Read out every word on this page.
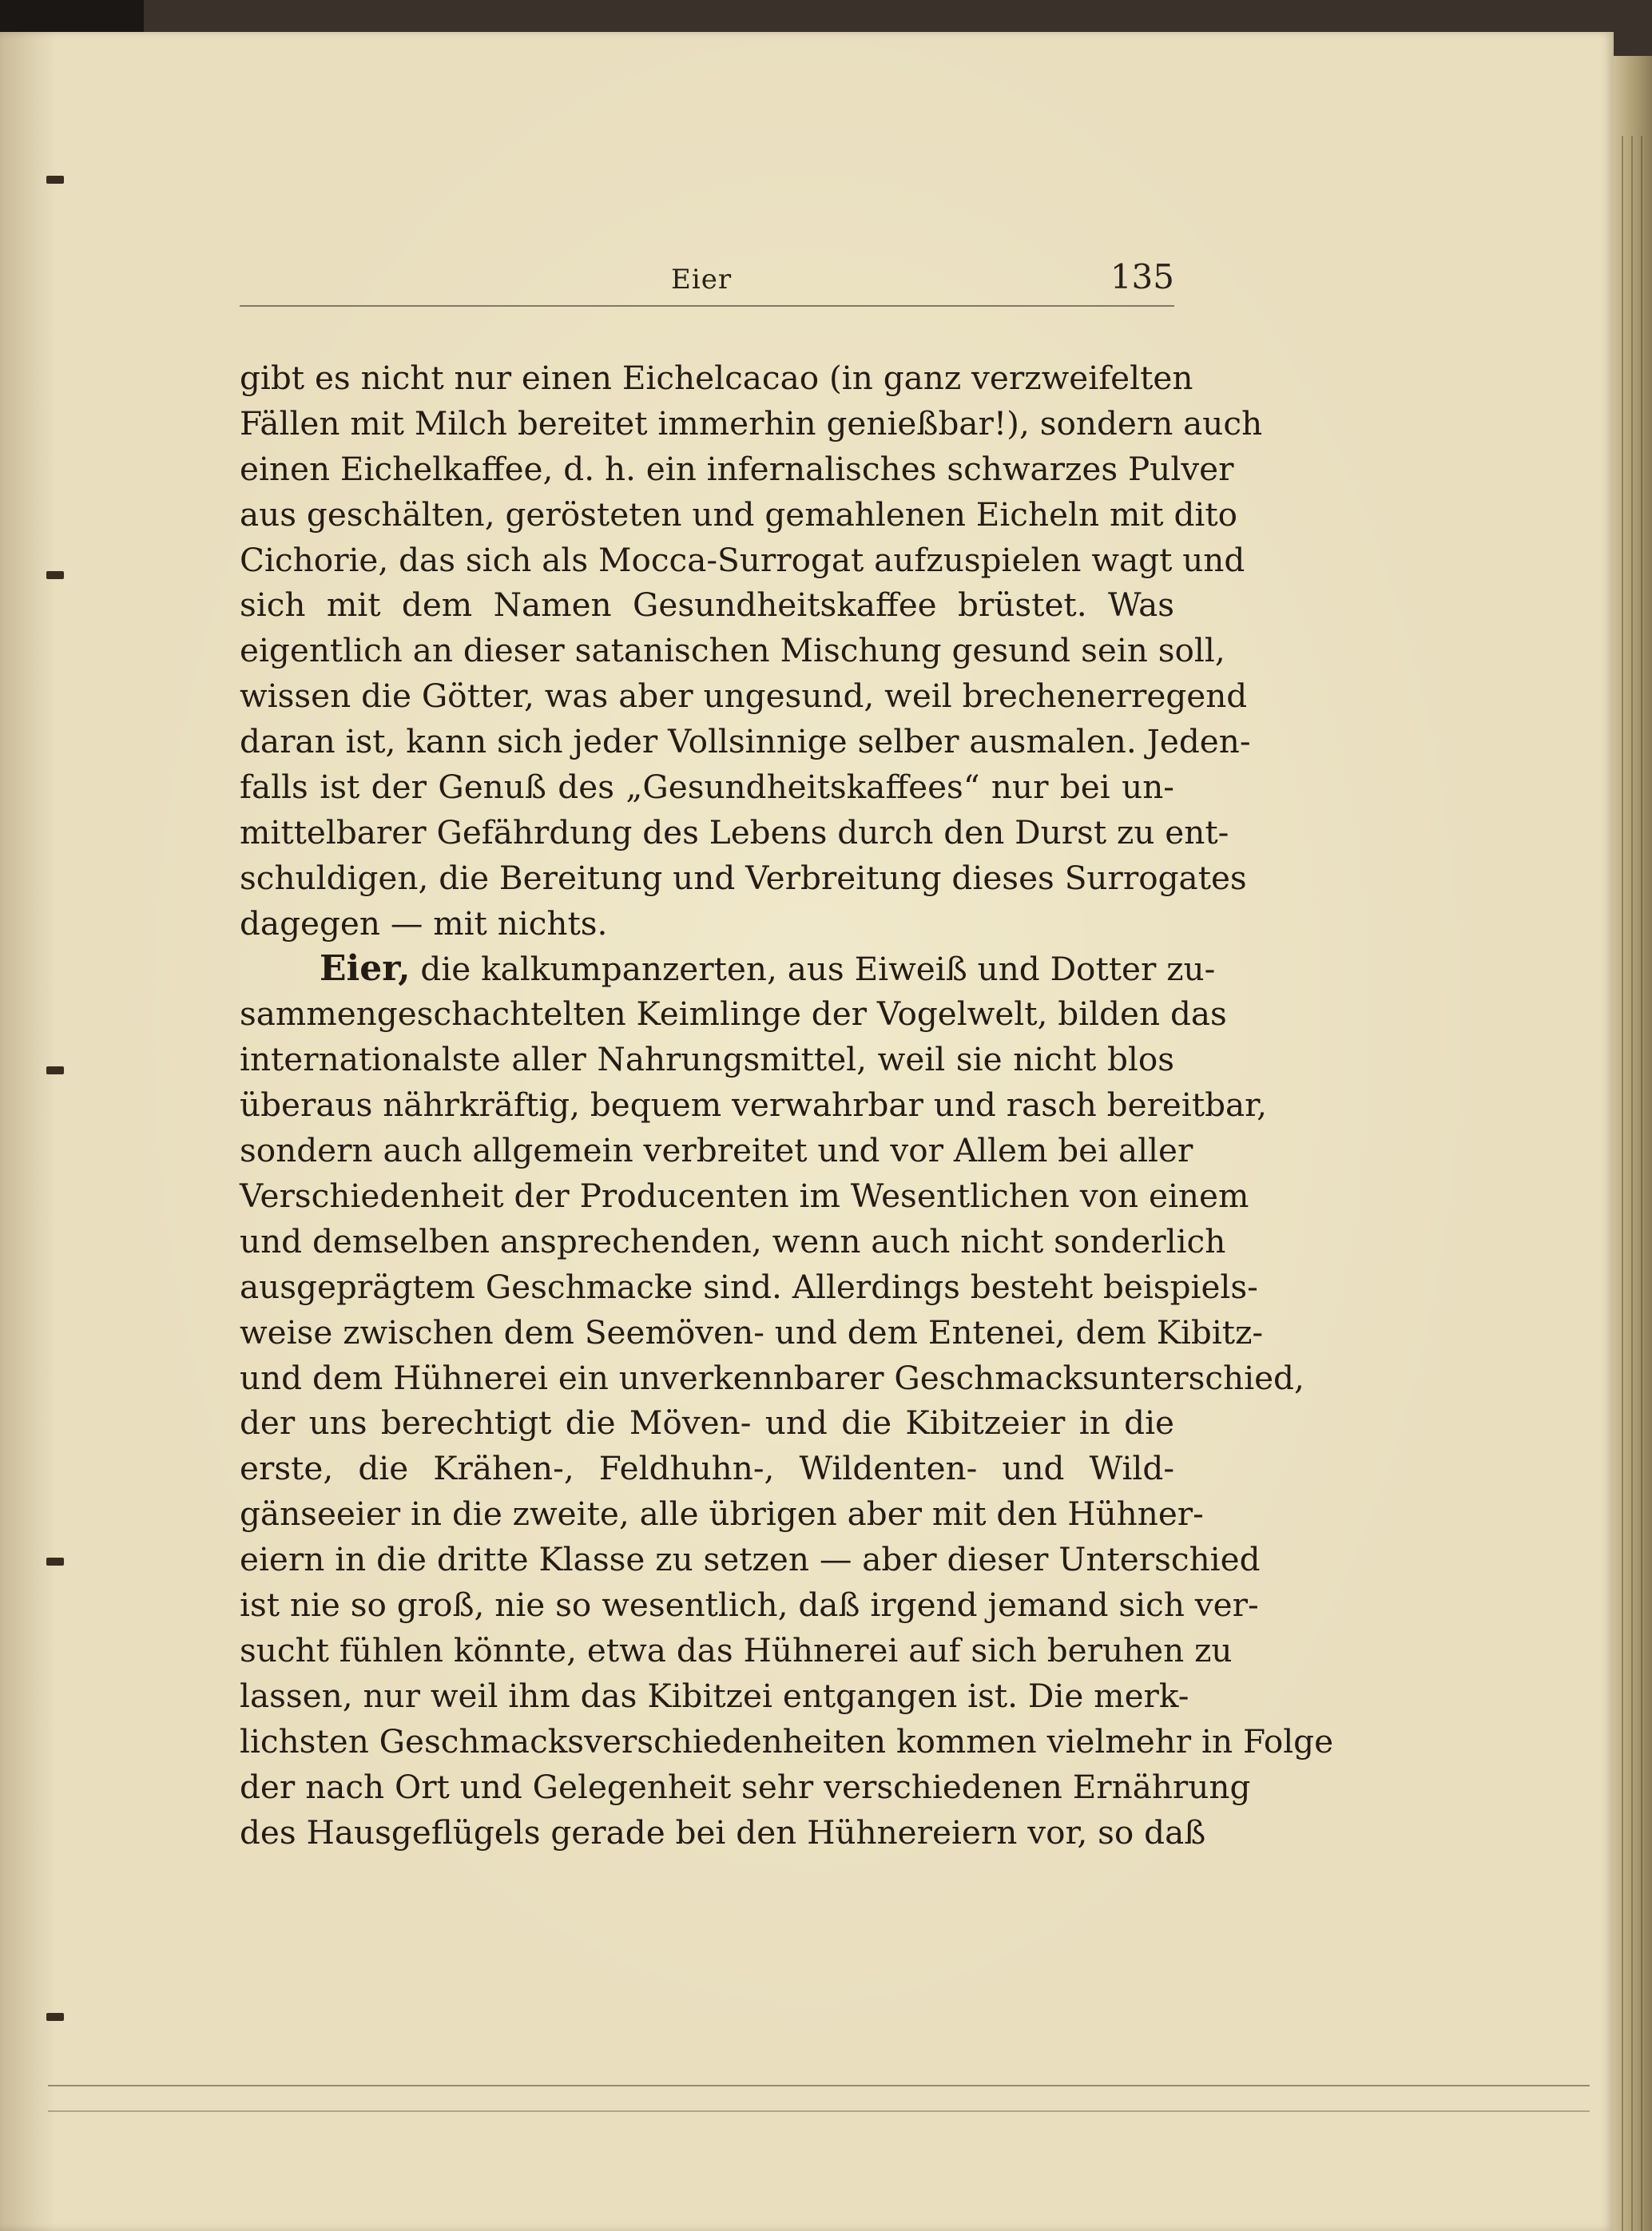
Eier	135
gibt es nicht nur einen Eichelcacao (in ganz verzweifelten
Fällen mit Milch bereitet immerhin genießbar!), sondern auch
einen Eichelkaffee, d. h. ein infernalisches schwarzes Pulver
aus geschälten, gerösteten und gemahlenen Eicheln mit dito
Cichorie, das sich als Mocca-Surrogat aufzuspielen wagt und
sich mit dem Namen Gesundheitskaffee brüstet. Was
eigentlich an dieser satanischen Mischung gesund sein soll,
wissen die Götter, was aber ungesund, weil brechenerregend
daran ist, kann sich jeder Vollsinnige selber ausmalen. Jeden-
falls ist der Genuß des „Gesundheitskaffees“ nur bei un-
mittelbarer Gefährdung des Lebens durch den Durst zu ent-
schuldigen, die Bereitung und Verbreitung dieses Surrogates
dagegen — mit nichts.
Eier, die kalkumpanzerten, aus Eiweiß und Dotter zu-
sammengeschachtelten Keimlinge der Vogelwelt, bilden das
internationalste aller Nahrungsmittel, weil sie nicht blos
überaus nährkräftig, bequem verwahrbar und rasch bereitbar,
sondern auch allgemein verbreitet und vor Allem bei aller
Verschiedenheit der Producenten im Wesentlichen von einem
und demselben ansprechenden, wenn auch nicht sonderlich
ausgeprägtem Geschmacke sind. Allerdings besteht beispiels-
weise zwischen dem Seemöven- und dem Entenei, dem Kibitz-
und dem Hühnerei ein unverkennbarer Geschmacksunterschied,
der uns berechtigt die Möven- und die Kibitzeier in die
erste, die Krähen-, Feldhuhn-, Wildenten- und Wild-
gänseeier in die zweite, alle übrigen aber mit den Hühner-
eiern in die dritte Klasse zu setzen — aber dieser Unterschied
ist nie so groß, nie so wesentlich, daß irgend jemand sich ver-
sucht fühlen könnte, etwa das Hühnerei auf sich beruhen zu
lassen, nur weil ihm das Kibitzei entgangen ist. Die merk-
lichsten Geschmacksverschiedenheiten kommen vielmehr in Folge
der nach Ort und Gelegenheit sehr verschiedenen Ernährung
des Hausgeflügels gerade bei den Hühnereiern vor, so daß
